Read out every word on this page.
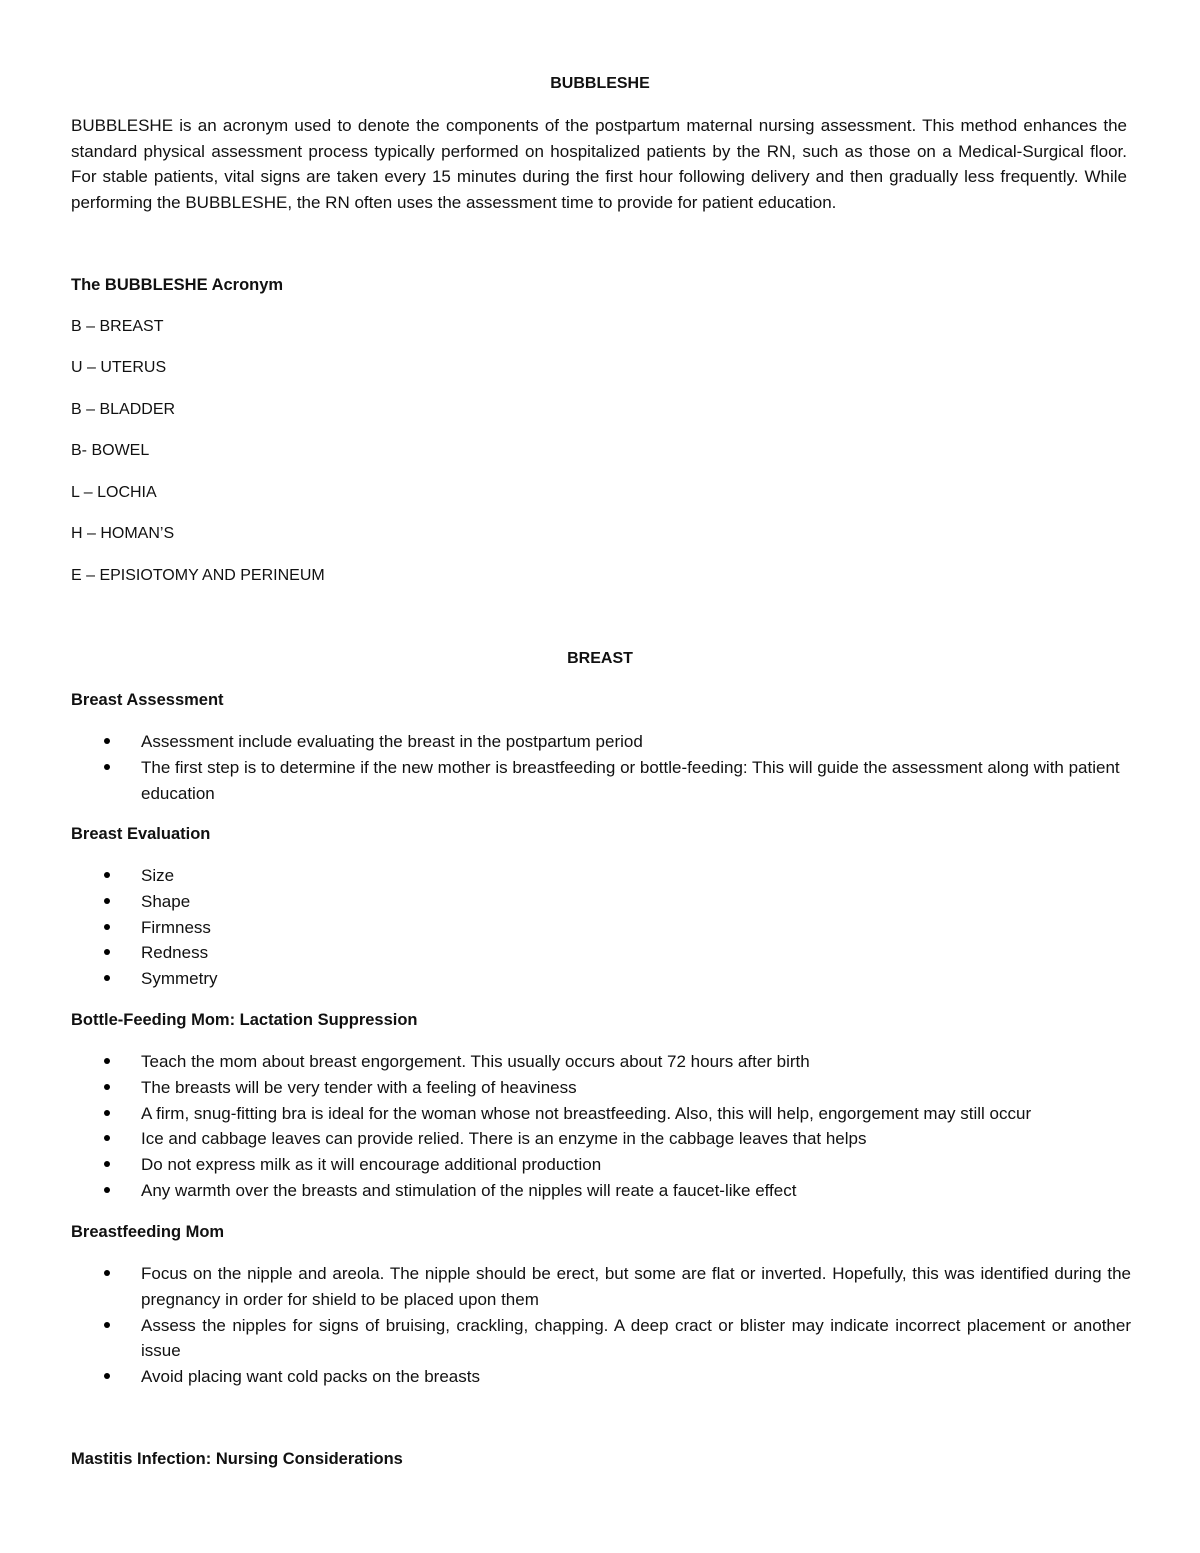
BUBBLESHE
BUBBLESHE is an acronym used to denote the components of the postpartum maternal nursing assessment. This method enhances the standard physical assessment process typically performed on hospitalized patients by the RN, such as those on a Medical-Surgical floor. For stable patients, vital signs are taken every 15 minutes during the first hour following delivery and then gradually less frequently. While performing the BUBBLESHE, the RN often uses the assessment time to provide for patient education.
The BUBBLESHE Acronym
B – BREAST
U – UTERUS
B – BLADDER
B- BOWEL
L – LOCHIA
H – HOMAN’S
E – EPISIOTOMY AND PERINEUM
BREAST
Breast Assessment
Assessment include evaluating the breast in the postpartum period
The first step is to determine if the new mother is breastfeeding or bottle-feeding: This will guide the assessment along with patient education
Breast Evaluation
Size
Shape
Firmness
Redness
Symmetry
Bottle-Feeding Mom: Lactation Suppression
Teach the mom about breast engorgement. This usually occurs about 72 hours after birth
The breasts will be very tender with a feeling of heaviness
A firm, snug-fitting bra is ideal for the woman whose not breastfeeding. Also, this will help, engorgement may still occur
Ice and cabbage leaves can provide relied. There is an enzyme in the cabbage leaves that helps
Do not express milk as it will encourage additional production
Any warmth over the breasts and stimulation of the nipples will reate a faucet-like effect
Breastfeeding Mom
Focus on the nipple and areola. The nipple should be erect, but some are flat or inverted. Hopefully, this was identified during the pregnancy in order for shield to be placed upon them
Assess the nipples for signs of bruising, crackling, chapping. A deep cract or blister may indicate incorrect placement or another issue
Avoid placing want cold packs on the breasts
Mastitis Infection: Nursing Considerations
